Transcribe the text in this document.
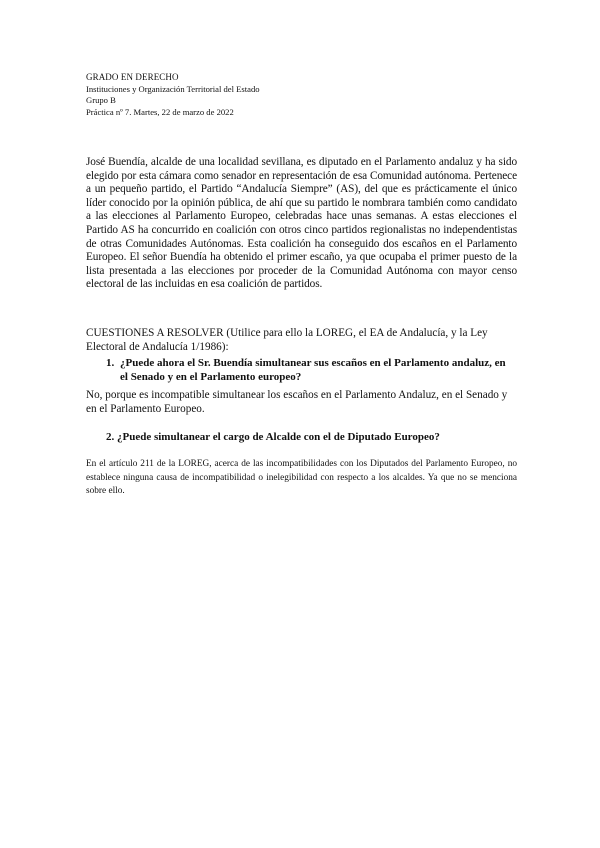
GRADO EN DERECHO
Instituciones y Organización Territorial del Estado
Grupo B
Práctica nº 7. Martes, 22 de marzo de 2022
José Buendía, alcalde de una localidad sevillana, es diputado en el Parlamento andaluz y ha sido elegido por esta cámara como senador en representación de esa Comunidad autónoma. Pertenece a un pequeño partido, el Partido “Andalucía Siempre” (AS), del que es prácticamente el único líder conocido por la opinión pública, de ahí que su partido le nombrara también como candidato a las elecciones al Parlamento Europeo, celebradas hace unas semanas. A estas elecciones el Partido AS ha concurrido en coalición con otros cinco partidos regionalistas no independentistas de otras Comunidades Autónomas. Esta coalición ha conseguido dos escaños en el Parlamento Europeo. El señor Buendía ha obtenido el primer escaño, ya que ocupaba el primer puesto de la lista presentada a las elecciones por proceder de la Comunidad Autónoma con mayor censo electoral de las incluidas en esa coalición de partidos.
CUESTIONES A RESOLVER (Utilice para ello la LOREG, el EA de Andalucía, y la Ley Electoral de Andalucía 1/1986):
1. ¿Puede ahora el Sr. Buendía simultanear sus escaños en el Parlamento andaluz, en el Senado y en el Parlamento europeo?
No, porque es incompatible simultanear los escaños en el Parlamento Andaluz, en el Senado y en el Parlamento Europeo.
2. ¿Puede simultanear el cargo de Alcalde con el de Diputado Europeo?
En el artículo 211 de la LOREG, acerca de las incompatibilidades con los Diputados del Parlamento Europeo, no establece ninguna causa de incompatibilidad o inelegibilidad con respecto a los alcaldes. Ya que no se menciona sobre ello.
